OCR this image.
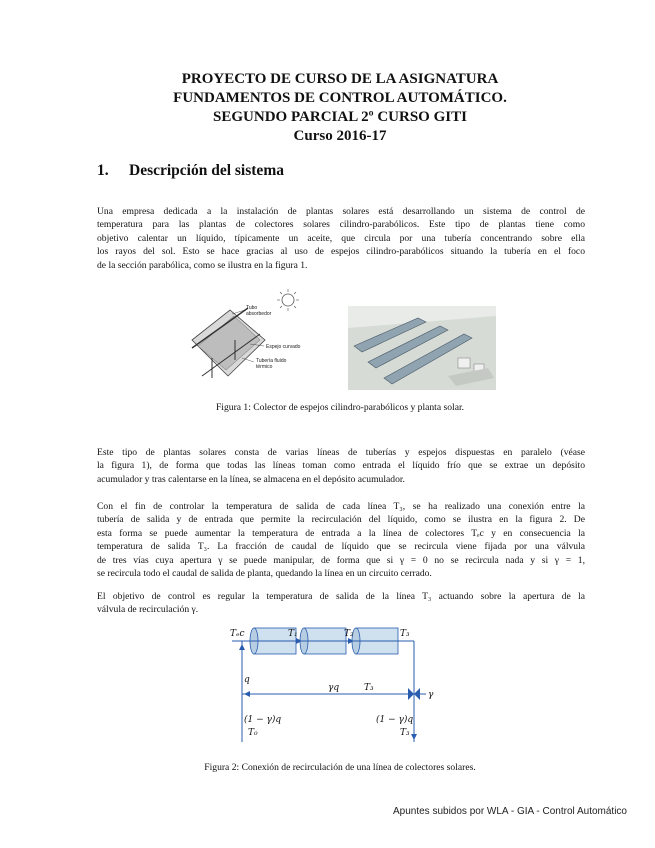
PROYECTO DE CURSO DE LA ASIGNATURA
FUNDAMENTOS DE CONTROL AUTOMÁTICO.
SEGUNDO PARCIAL 2º CURSO GITI
Curso 2016-17
1. Descripción del sistema
Una empresa dedicada a la instalación de plantas solares está desarrollando un sistema de control de
temperatura para las plantas de colectores solares cilindro-parabólicos. Este tipo de plantas tiene como
objetivo calentar un líquido, típicamente un aceite, que circula por una tubería concentrando sobre ella
los rayos del sol. Esto se hace gracias al uso de espejos cilindro-parabólicos situando la tubería en el foco
de la sección parabólica, como se ilustra en la figura 1.
Tubo
absorbedor
Espejo curvado
Tubería fluido
térmico
Figura 1: Colector de espejos cilindro-parabólicos y planta solar.
Este tipo de plantas solares consta de varias líneas de tuberías y espejos dispuestas en paralelo (véase
la figura 1), de forma que todas las líneas toman como entrada el líquido frío que se extrae un depósito
acumulador y tras calentarse en la línea, se almacena en el depósito acumulador.
Con el fin de controlar la temperatura de salida de cada línea T₃, se ha realizado una conexión entre la
tubería de salida y de entrada que permite la recirculación del líquido, como se ilustra en la figura 2. De
esta forma se puede aumentar la temperatura de entrada a la línea de colectores Tₑc y en consecuencia la
temperatura de salida T₃. La fracción de caudal de líquido que se recircula viene fijada por una válvula
de tres vías cuya apertura γ se puede manipular, de forma que si γ = 0 no se recircula nada y si γ = 1,
se recircula todo el caudal de salida de planta, quedando la línea en un circuito cerrado.
El objetivo de control es regular la temperatura de salida de la línea T₃ actuando sobre la apertura de la
válvula de recirculación γ.
Tₑc	T₁	T₂	T₃
q
γq	T₃
γ
(1 − γ)q
T₀
(1 − γ)q
T₃
Figura 2: Conexión de recirculación de una línea de colectores solares.
Apuntes subidos por WLA - GIA - Control Automático
